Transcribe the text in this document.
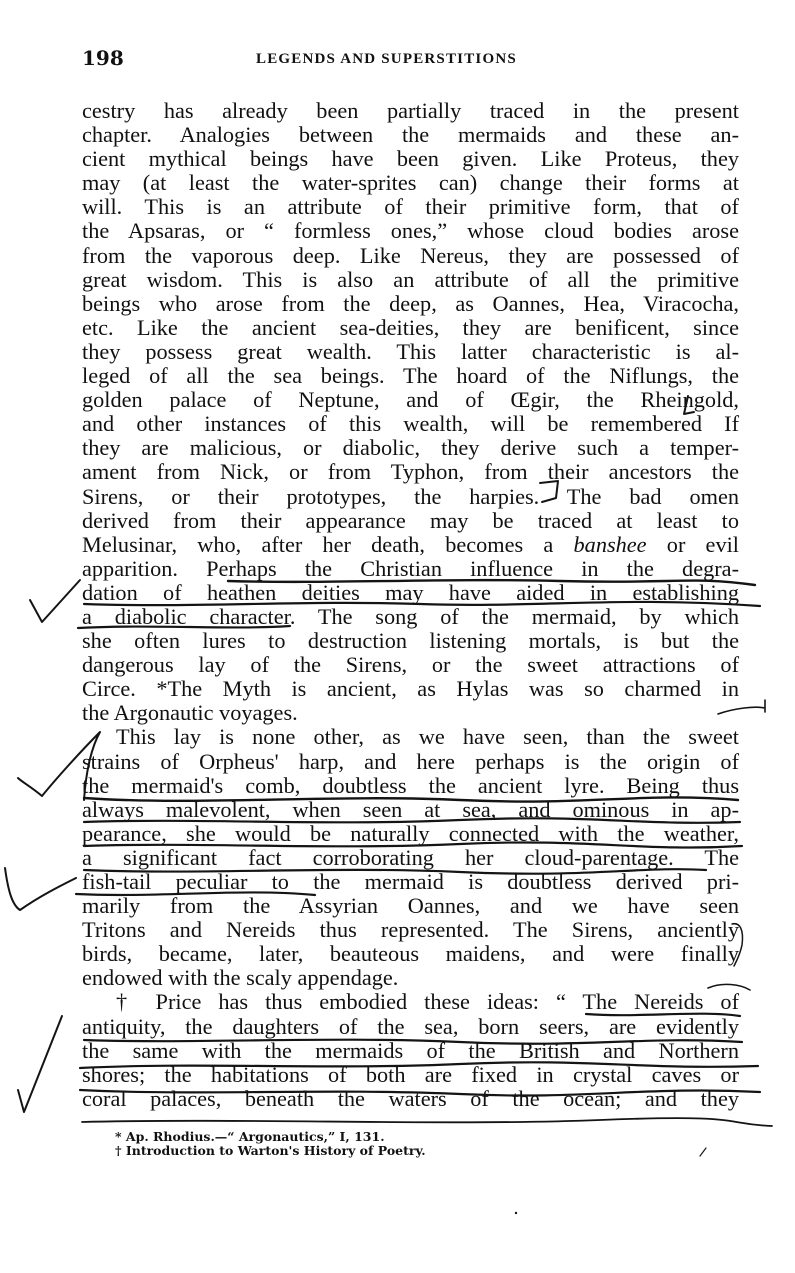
198	LEGENDS AND SUPERSTITIONS
cestry has already been partially traced in the present
chapter. Analogies between the mermaids and these an-
cient mythical beings have been given. Like Proteus, they
may (at least the water-sprites can) change their forms at
will. This is an attribute of their primitive form, that of
the Apsaras, or “ formless ones,” whose cloud bodies arose
from the vaporous deep. Like Nereus, they are possessed of
great wisdom. This is also an attribute of all the primitive
beings who arose from the deep, as Oannes, Hea, Viracocha,
etc. Like the ancient sea-deities, they are benificent, since
they possess great wealth. This latter characteristic is al-
leged of all the sea beings. The hoard of the Niflungs, the
golden palace of Neptune, and of Œgir, the Rheingold,
and other instances of this wealth, will be remembered If
they are malicious, or diabolic, they derive such a temper-
ament from Nick, or from Typhon, from their ancestors the
Sirens, or their prototypes, the harpies. The bad omen
derived from their appearance may be traced at least to
Melusinar, who, after her death, becomes a banshee or evil
apparition. Perhaps the Christian influence in the degra-
dation of heathen deities may have aided in establishing
a diabolic character. The song of the mermaid, by which
she often lures to destruction listening mortals, is but the
dangerous lay of the Sirens, or the sweet attractions of
Circe. *The Myth is ancient, as Hylas was so charmed in
the Argonautic voyages.
This lay is none other, as we have seen, than the sweet
strains of Orpheus' harp, and here perhaps is the origin of
the mermaid's comb, doubtless the ancient lyre. Being thus
always malevolent, when seen at sea, and ominous in ap-
pearance, she would be naturally connected with the weather,
a significant fact corroborating her cloud-parentage. The
fish-tail peculiar to the mermaid is doubtless derived pri-
marily from the Assyrian Oannes, and we have seen
Tritons and Nereids thus represented. The Sirens, anciently
birds, became, later, beauteous maidens, and were finally
endowed with the scaly appendage.
† Price has thus embodied these ideas: “ The Nereids of
antiquity, the daughters of the sea, born seers, are evidently
the same with the mermaids of the British and Northern
shores; the habitations of both are fixed in crystal caves or
coral palaces, beneath the waters of the ocean; and they
* Ap. Rhodius.—“ Argonautics,” I, 131.
† Introduction to Warton's History of Poetry.
